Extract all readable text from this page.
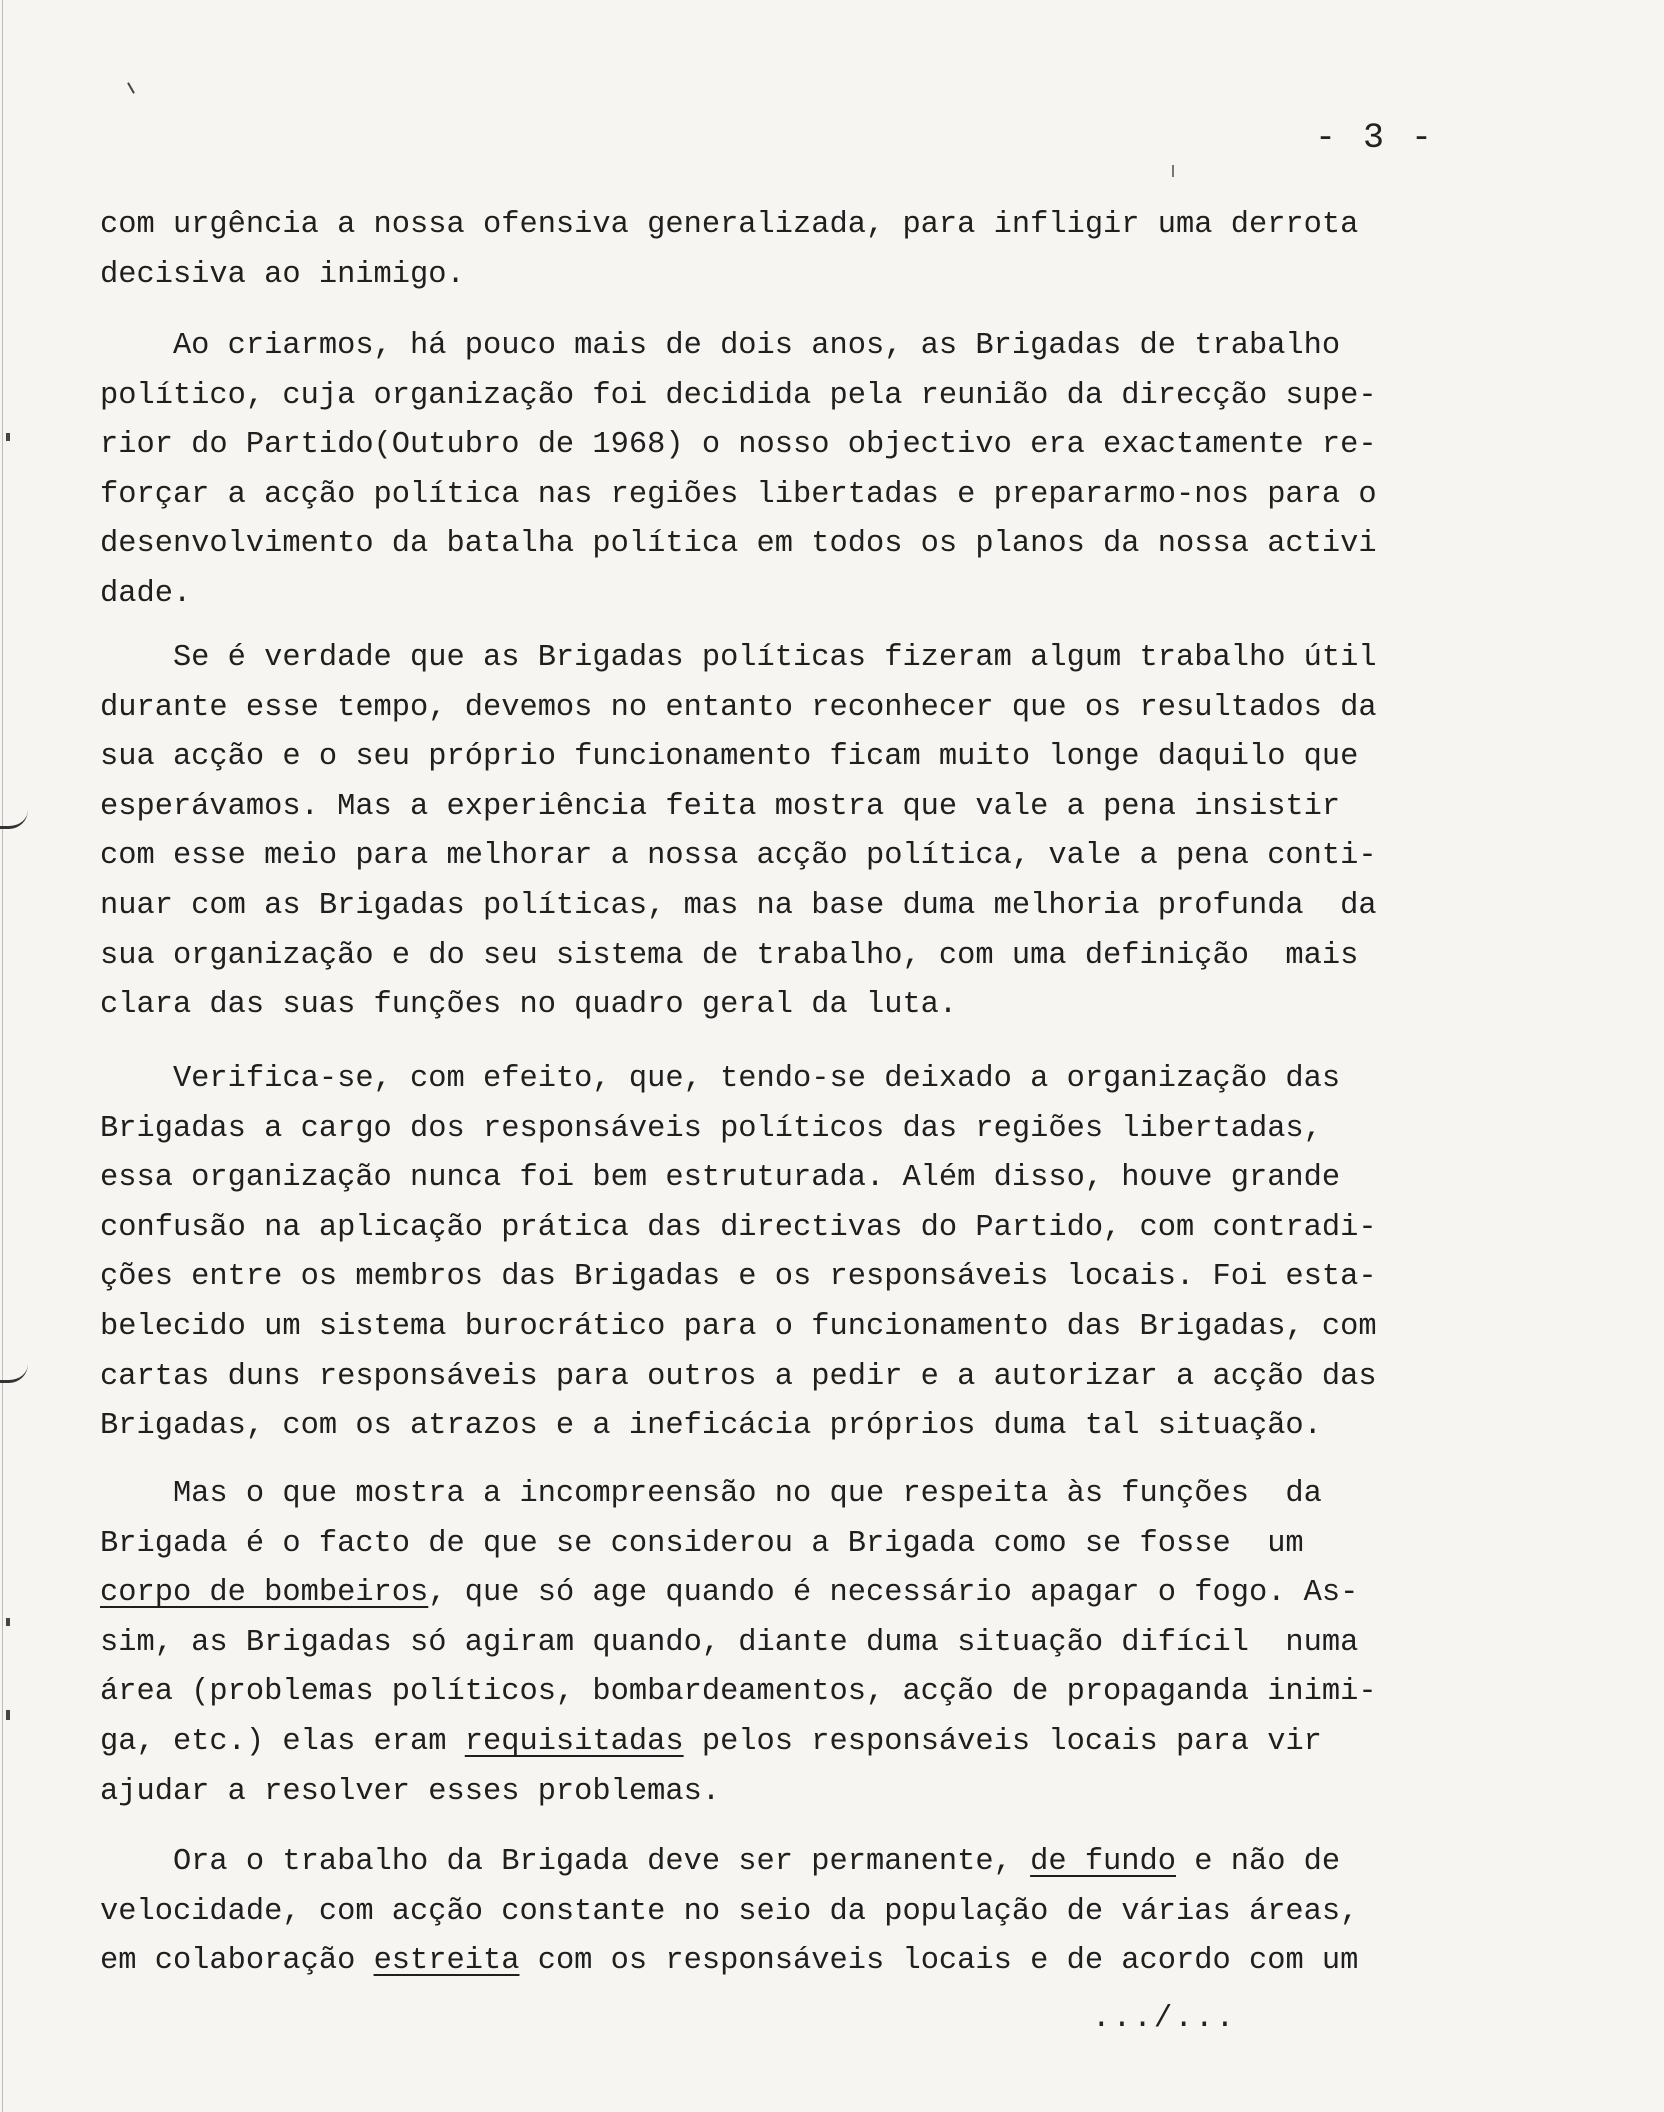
- 3 -

com urgência a nossa ofensiva generalizada, para infligir uma derrota
decisiva ao inimigo.

Ao criarmos, há pouco mais de dois anos, as Brigadas de trabalho
político, cuja organização foi decidida pela reunião da direcção supe-
rior do Partido(Outubro de 1968) o nosso objectivo era exactamente re-
forçar a acção política nas regiões libertadas e prepararmo-nos para o
desenvolvimento da batalha política em todos os planos da nossa activi
dade.

Se é verdade que as Brigadas políticas fizeram algum trabalho útil
durante esse tempo, devemos no entanto reconhecer que os resultados da
sua acção e o seu próprio funcionamento ficam muito longe daquilo que
esperávamos. Mas a experiência feita mostra que vale a pena insistir
com esse meio para melhorar a nossa acção política, vale a pena conti-
nuar com as Brigadas políticas, mas na base duma melhoria profunda  da
sua organização e do seu sistema de trabalho, com uma definição  mais
clara das suas funções no quadro geral da luta.

Verifica-se, com efeito, que, tendo-se deixado a organização das
Brigadas a cargo dos responsáveis políticos das regiões libertadas,
essa organização nunca foi bem estruturada. Além disso, houve grande
confusão na aplicação prática das directivas do Partido, com contradi-
ções entre os membros das Brigadas e os responsáveis locais. Foi esta-
belecido um sistema burocrático para o funcionamento das Brigadas, com
cartas duns responsáveis para outros a pedir e a autorizar a acção das
Brigadas, com os atrazos e a ineficácia próprios duma tal situação.

Mas o que mostra a incompreensão no que respeita às funções  da
Brigada é o facto de que se considerou a Brigada como se fosse  um
corpo de bombeiros, que só age quando é necessário apagar o fogo. As-
sim, as Brigadas só agiram quando, diante duma situação difícil  numa
área (problemas políticos, bombardeamentos, acção de propaganda inimi-
ga, etc.) elas eram requisitadas pelos responsáveis locais para vir
ajudar a resolver esses problemas.

Ora o trabalho da Brigada deve ser permanente, de fundo e não de
velocidade, com acção constante no seio da população de várias áreas,
em colaboração estreita com os responsáveis locais e de acordo com um

.../...
